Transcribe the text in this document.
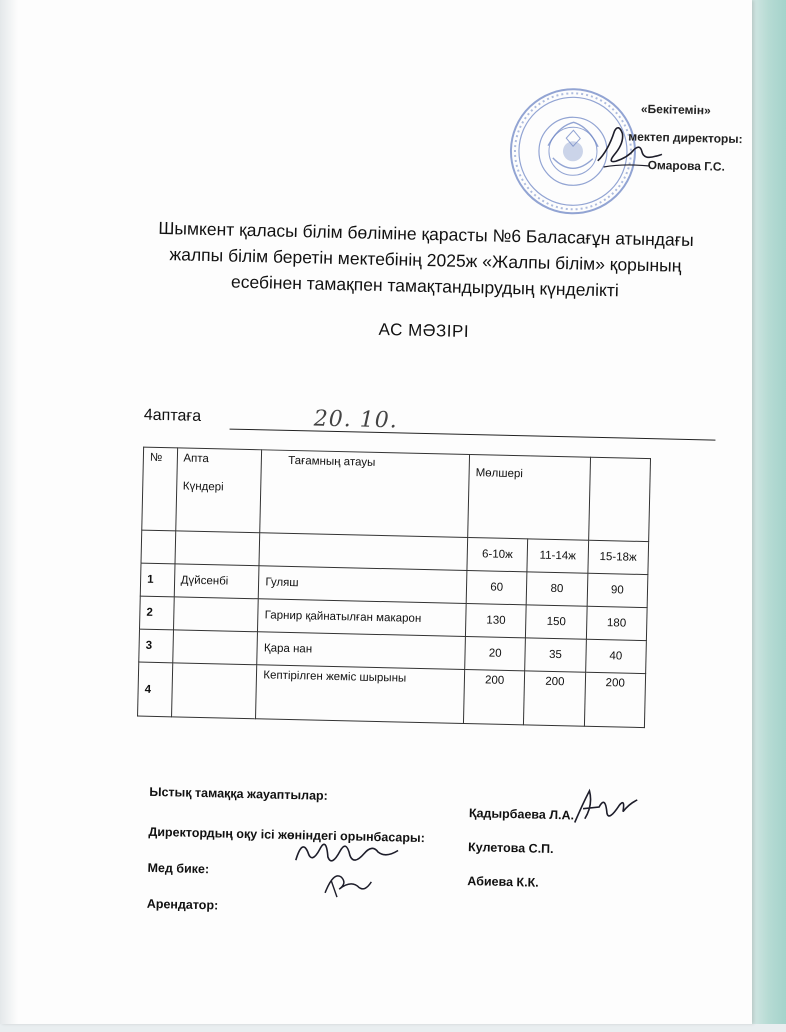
«Бекітемін»
мектеп директоры:
Омарова Г.С.
Шымкент қаласы білім бөліміне қарасты №6 Баласағұн атындағы
жалпы білім беретін мектебінің 2025ж «Жалпы білім» қорының
есебінен тамақпен тамақтандырудың күнделікті
АС МӘЗІРІ
4аптаға	20. 10.
№	Апта
Күндері	Тағамның атауы	Мөлшері		
			6-10ж	11-14ж	15-18ж
1	Дүйсенбі	Гуляш	60	80	90
2		Гарнир қайнатылған макарон	130	150	180
3		Қара нан	20	35	40
4		Кептірілген жеміс шырыны	200	200	200
Ыстық тамаққа жауаптылар:
Директордың оқу ісі жөніндегі орынбасары:
Мед бике:
Арендатор:
Қадырбаева Л.А.
Кулетова С.П.
Абиева К.К.
